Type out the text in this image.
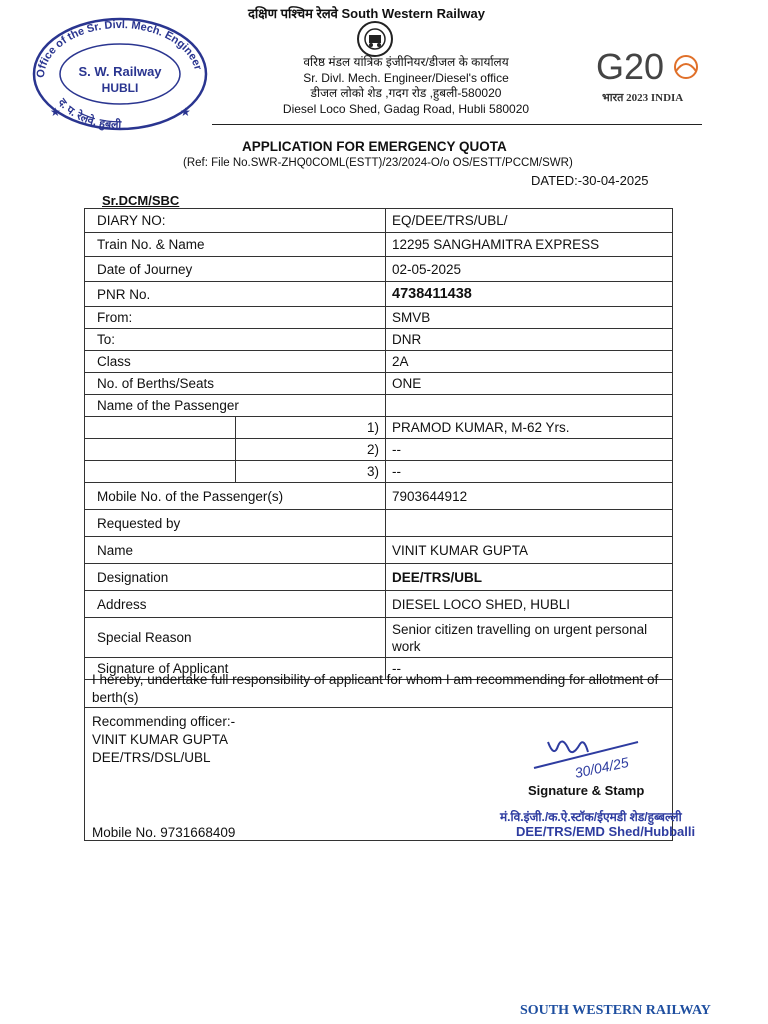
दक्षिण पश्चिम रेलवे South Western Railway
वरिष्ठ मंडल यांत्रिक इंजीनियर/डीजल के कार्यालय
Sr. Divl. Mech. Engineer/Diesel's office
डीजल लोको शेड ,गदग रोड ,हुबली-580020
Diesel Loco Shed, Gadag Road, Hubli 580020
Office of the Sr. Divl. Mech. Engineer
द. प. रेलवे, हुबली
S. W. Railway
HUBLI
★	★
G20
भारत 2023 INDIA
APPLICATION FOR EMERGENCY QUOTA
(Ref: File No.SWR-ZHQ0COML(ESTT)/23/2024-O/o OS/ESTT/PCCM/SWR)
DATED:-30-04-2025
Sr.DCM/SBC
DIARY NO:		EQ/DEE/TRS/UBL/
Train No. & Name		12295 SANGHAMITRA EXPRESS
Date of Journey		02-05-2025
PNR No.		4738411438
From:		SMVB
To:		DNR
Class		2A
No. of Berths/Seats		ONE
Name of the Passenger		
	1)	PRAMOD KUMAR, M-62 Yrs.
	2)	--
	3)	--
Mobile No. of the Passenger(s)		7903644912
Requested by		
Name		VINIT KUMAR GUPTA
Designation		DEE/TRS/UBL
Address		DIESEL LOCO SHED, HUBLI
Special Reason		Senior citizen travelling on urgent personal work
Signature of Applicant		--
I hereby, undertake full responsibility of applicant for whom I am recommending for allotment of berth(s)
Recommending officer:-
VINIT KUMAR GUPTA
DEE/TRS/DSL/UBL
Mobile No. 9731668409
30/04/25
Signature & Stamp
मं.वि.इंजी./क.ऐ.स्टॉक/ईएमडी शेड/हुब्बल्ली
DEE/TRS/EMD Shed/Hubballi
SOUTH WESTERN RAILWAY
